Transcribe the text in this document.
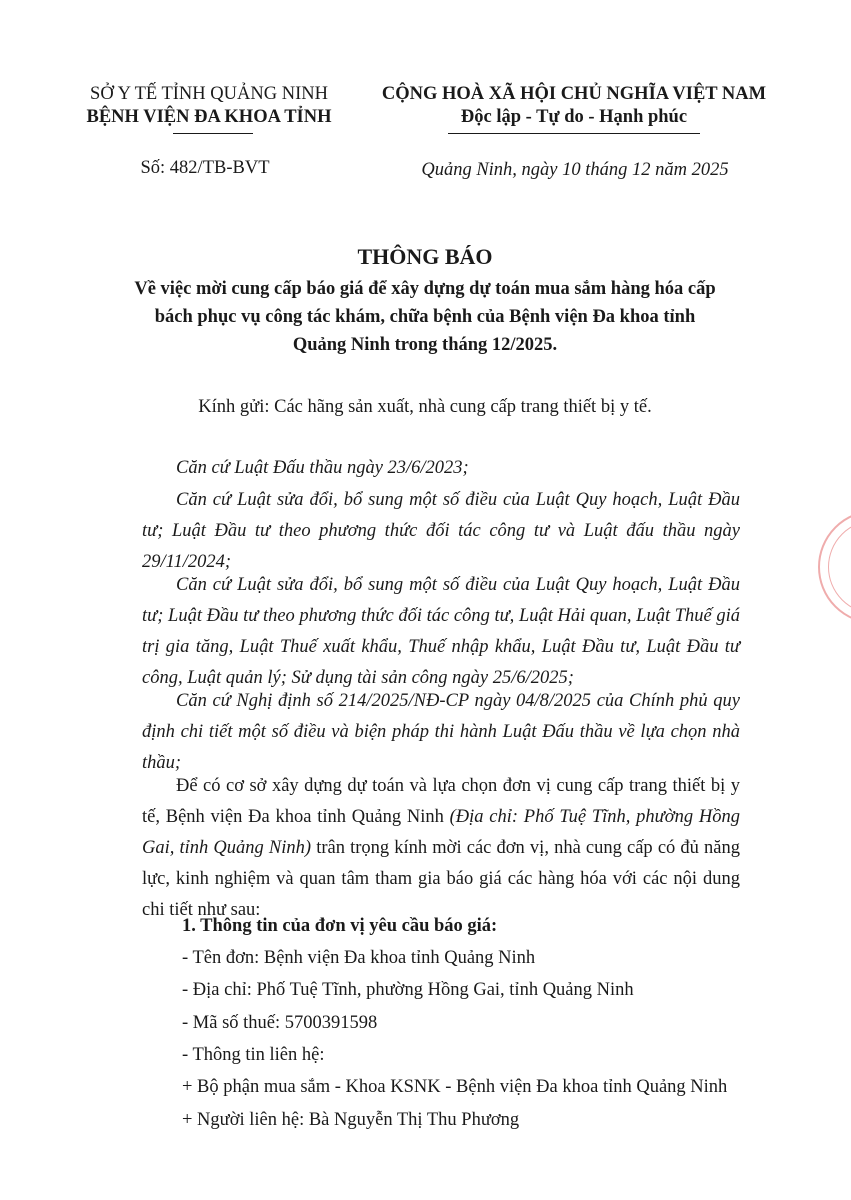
SỞ Y TẾ TỈNH QUẢNG NINH
BỆNH VIỆN ĐA KHOA TỈNH
Số: 482/TB-BVT
CỘNG HOÀ XÃ HỘI CHỦ NGHĨA VIỆT NAM
Độc lập - Tự do - Hạnh phúc
Quảng Ninh, ngày 10 tháng 12 năm 2025
THÔNG BÁO
Về việc mời cung cấp báo giá để xây dựng dự toán mua sắm hàng hóa cấp
bách phục vụ công tác khám, chữa bệnh của Bệnh viện Đa khoa tỉnh
Quảng Ninh trong tháng 12/2025.
Kính gửi: Các hãng sản xuất, nhà cung cấp trang thiết bị y tế.
Căn cứ Luật Đấu thầu ngày 23/6/2023;
Căn cứ Luật sửa đổi, bổ sung một số điều của Luật Quy hoạch, Luật Đầu tư; Luật Đầu tư theo phương thức đối tác công tư và Luật đấu thầu ngày 29/11/2024;
Căn cứ Luật sửa đổi, bổ sung một số điều của Luật Quy hoạch, Luật Đầu tư; Luật Đầu tư theo phương thức đối tác công tư, Luật Hải quan, Luật Thuế giá trị gia tăng, Luật Thuế xuất khẩu, Thuế nhập khẩu, Luật Đầu tư, Luật Đầu tư công, Luật quản lý; Sử dụng tài sản công ngày 25/6/2025;
Căn cứ Nghị định số 214/2025/NĐ-CP ngày 04/8/2025 của Chính phủ quy định chi tiết một số điều và biện pháp thi hành Luật Đấu thầu về lựa chọn nhà thầu;
Để có cơ sở xây dựng dự toán và lựa chọn đơn vị cung cấp trang thiết bị y tế, Bệnh viện Đa khoa tỉnh Quảng Ninh (Địa chỉ: Phố Tuệ Tĩnh, phường Hồng Gai, tỉnh Quảng Ninh) trân trọng kính mời các đơn vị, nhà cung cấp có đủ năng lực, kinh nghiệm và quan tâm tham gia báo giá các hàng hóa với các nội dung chi tiết như sau:
1. Thông tin của đơn vị yêu cầu báo giá:
- Tên đơn: Bệnh viện Đa khoa tỉnh Quảng Ninh
- Địa chỉ: Phố Tuệ Tĩnh, phường Hồng Gai, tỉnh Quảng Ninh
- Mã số thuế: 5700391598
- Thông tin liên hệ:
+ Bộ phận mua sắm - Khoa KSNK - Bệnh viện Đa khoa tỉnh Quảng Ninh
+ Người liên hệ: Bà Nguyễn Thị Thu Phương
